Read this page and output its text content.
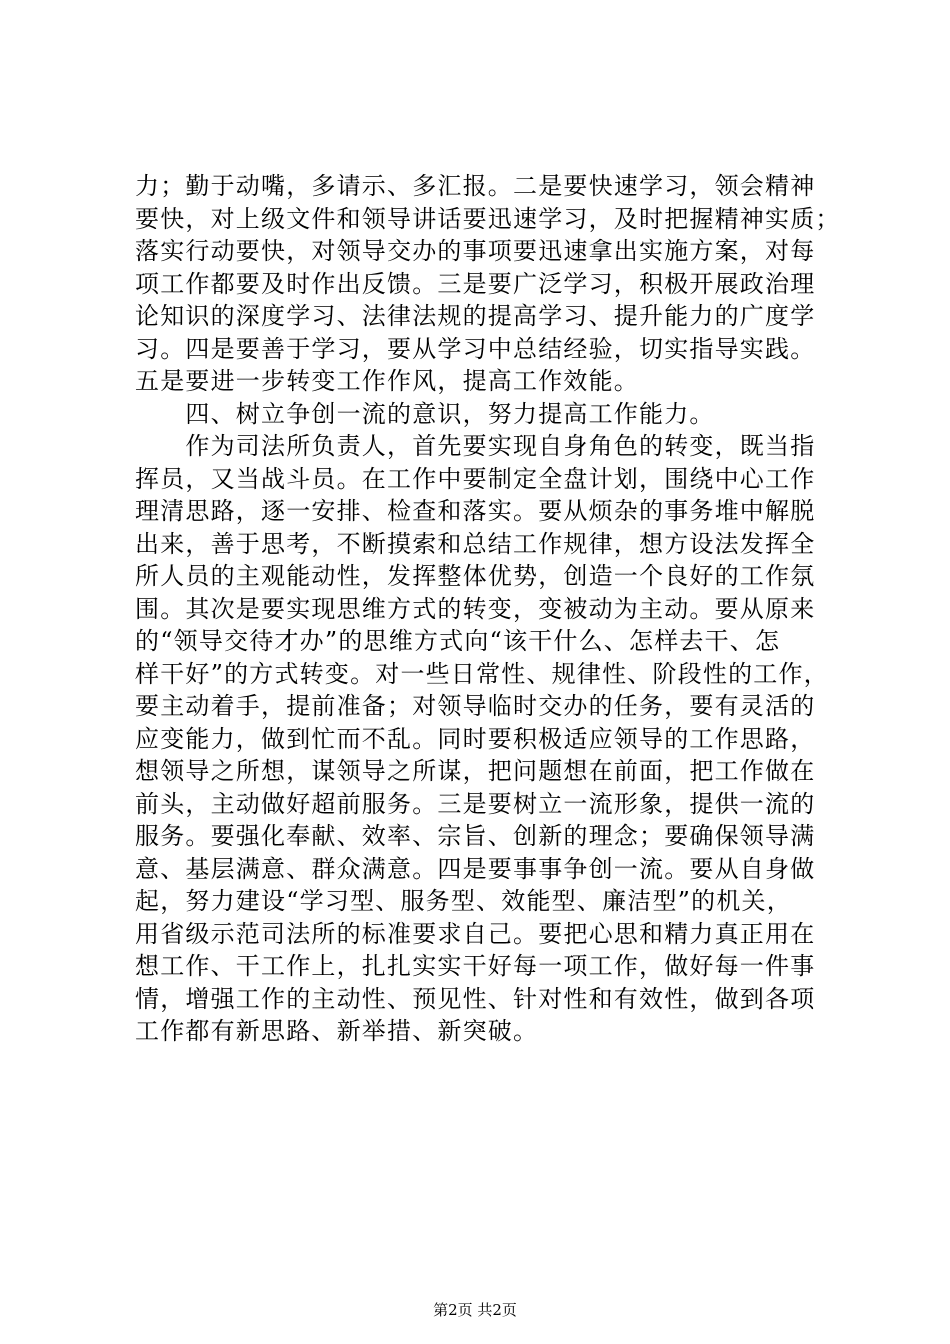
力；勤于动嘴，多请示、多汇报。二是要快速学习，领会精神
要快，对上级文件和领导讲话要迅速学习，及时把握精神实质；
落实行动要快，对领导交办的事项要迅速拿出实施方案，对每
项工作都要及时作出反馈。三是要广泛学习，积极开展政治理
论知识的深度学习、法律法规的提高学习、提升能力的广度学
习。四是要善于学习，要从学习中总结经验，切实指导实践。
五是要进一步转变工作作风，提高工作效能。
　　四、树立争创一流的意识，努力提高工作能力。
　　作为司法所负责人，首先要实现自身角色的转变，既当指
挥员，又当战斗员。在工作中要制定全盘计划，围绕中心工作
理清思路，逐一安排、检查和落实。要从烦杂的事务堆中解脱
出来，善于思考，不断摸索和总结工作规律，想方设法发挥全
所人员的主观能动性，发挥整体优势，创造一个良好的工作氛
围。其次是要实现思维方式的转变，变被动为主动。要从原来
的“领导交待才办”的思维方式向“该干什么、怎样去干、怎
样干好”的方式转变。对一些日常性、规律性、阶段性的工作，
要主动着手，提前准备；对领导临时交办的任务，要有灵活的
应变能力，做到忙而不乱。同时要积极适应领导的工作思路，
想领导之所想，谋领导之所谋，把问题想在前面，把工作做在
前头，主动做好超前服务。三是要树立一流形象，提供一流的
服务。要强化奉献、效率、宗旨、创新的理念；要确保领导满
意、基层满意、群众满意。四是要事事争创一流。要从自身做
起，努力建设“学习型、服务型、效能型、廉洁型”的机关，
用省级示范司法所的标准要求自己。要把心思和精力真正用在
想工作、干工作上，扎扎实实干好每一项工作，做好每一件事
情，增强工作的主动性、预见性、针对性和有效性，做到各项
工作都有新思路、新举措、新突破。
第2页 共2页
